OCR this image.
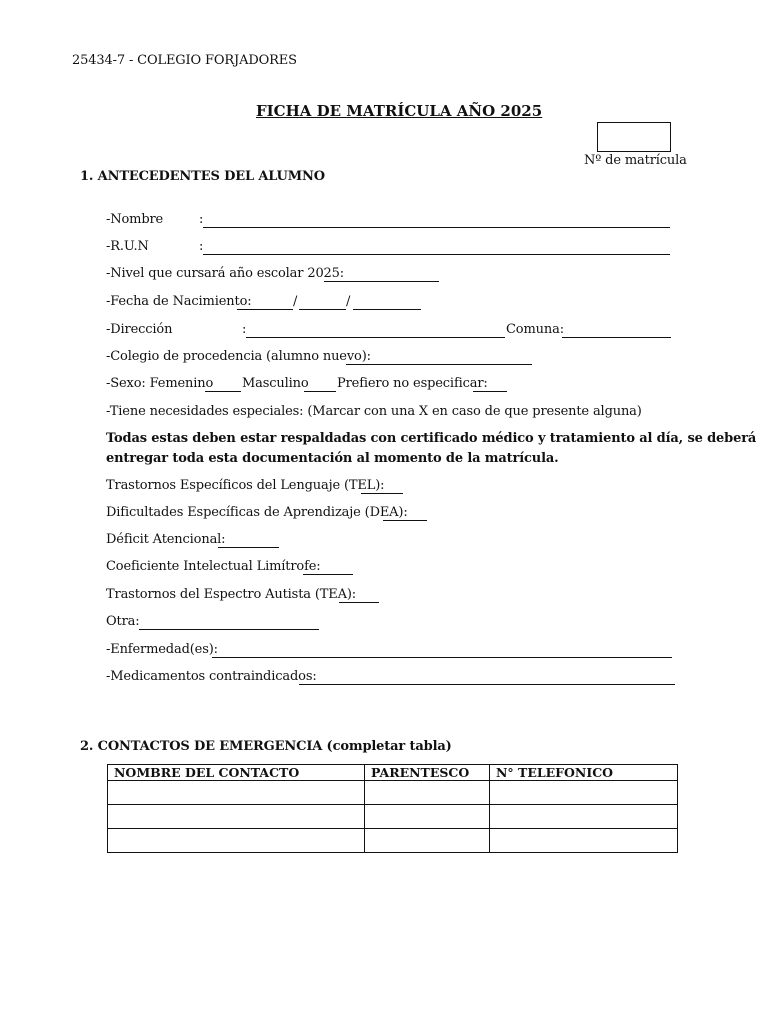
25434-7 - COLEGIO FORJADORES
FICHA DE MATRÍCULA AÑO 2025
Nº de matrícula
1. ANTECEDENTES DEL ALUMNO
-Nombre	:
-R.U.N	:
-Nivel que cursará año escolar 2025:
-Fecha de Nacimiento:	/	/
-Dirección	:	Comuna:
-Colegio de procedencia (alumno nuevo):
-Sexo: Femenino Masculino Prefiero no especificar:
-Tiene necesidades especiales: (Marcar con una X en caso de que presente alguna)
Todas estas deben estar respaldadas con certificado médico y tratamiento al día, se deberá
entregar toda esta documentación al momento de la matrícula.
Trastornos Específicos del Lenguaje (TEL):
Dificultades Específicas de Aprendizaje (DEA):
Déficit Atencional:
Coeficiente Intelectual Limítrofe:
Trastornos del Espectro Autista (TEA):
Otra:
-Enfermedad(es):
-Medicamentos contraindicados:
2. CONTACTOS DE EMERGENCIA (completar tabla)
NOMBRE DEL CONTACTO	PARENTESCO	N° TELEFONICO
